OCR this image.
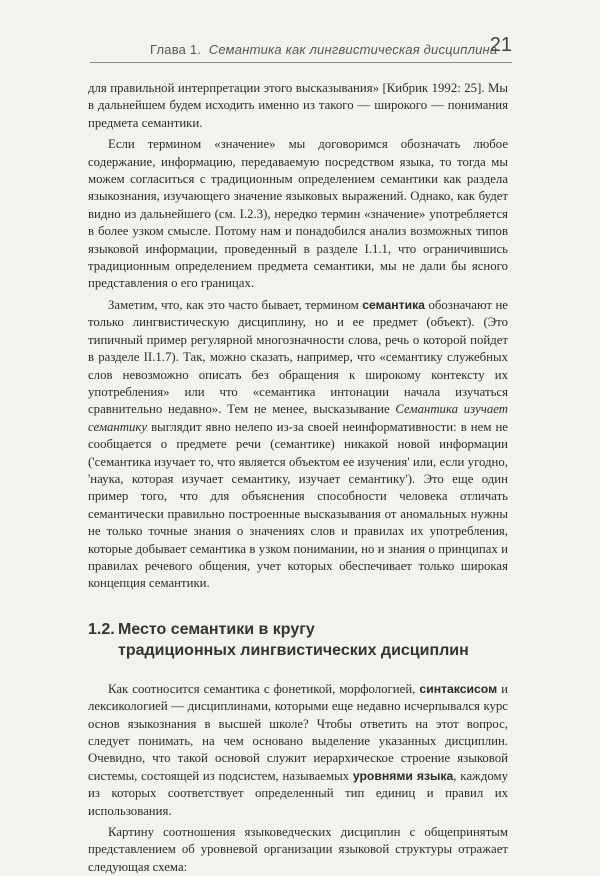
Глава 1. Семантика как лингвистическая дисциплина
21

для правильной интерпретации этого высказывания» [Кибрик 1992: 25]. Мы в дальнейшем будем исходить именно из такого — широкого — понимания предмета семантики.

Если термином «значение» мы договоримся обозначать любое содержание, информацию, передаваемую посредством языка, то тогда мы можем согласиться с традиционным определением семантики как раздела языкознания, изучающего значение языковых выражений. Однако, как будет видно из дальнейшего (см. I.2.3), нередко термин «значение» употребляется в более узком смысле. Потому нам и понадобился анализ возможных типов языковой информации, проведенный в разделе I.1.1, что ограничившись традиционным определением предмета семантики, мы не дали бы ясного представления о его границах.

Заметим, что, как это часто бывает, термином семантика обозначают не только лингвистическую дисциплину, но и ее предмет (объект). (Это типичный пример регулярной многозначности слова, речь о которой пойдет в разделе II.1.7). Так, можно сказать, например, что «семантику служебных слов невозможно описать без обращения к широкому контексту их употребления» или что «семантика интонации начала изучаться сравнительно недавно». Тем не менее, высказывание Семантика изучает семантику выглядит явно нелепо из-за своей неинформативности: в нем не сообщается о предмете речи (семантике) никакой новой информации ('семантика изучает то, что является объектом ее изучения' или, если угодно, 'наука, которая изучает семантику, изучает семантику'). Это еще один пример того, что для объяснения способности человека отличать семантически правильно построенные высказывания от аномальных нужны не только точные знания о значениях слов и правилах их употребления, которые добывает семантика в узком понимании, но и знания о принципах и правилах речевого общения, учет которых обеспечивает только широкая концепция семантики.

1.2. Место семантики в кругу
традиционных лингвистических дисциплин

Как соотносится семантика с фонетикой, морфологией, синтаксисом и лексикологией — дисциплинами, которыми еще недавно исчерпывался курс основ языкознания в высшей школе? Чтобы ответить на этот вопрос, следует понимать, на чем основано выделение указанных дисциплин. Очевидно, что такой основой служит иерархическое строение языковой системы, состоящей из подсистем, называемых уровнями языка, каждому из которых соответствует определенный тип единиц и правил их использования.

Картину соотношения языковедческих дисциплин с общепринятым представлением об уровневой организации языковой структуры отражает следующая схема:
